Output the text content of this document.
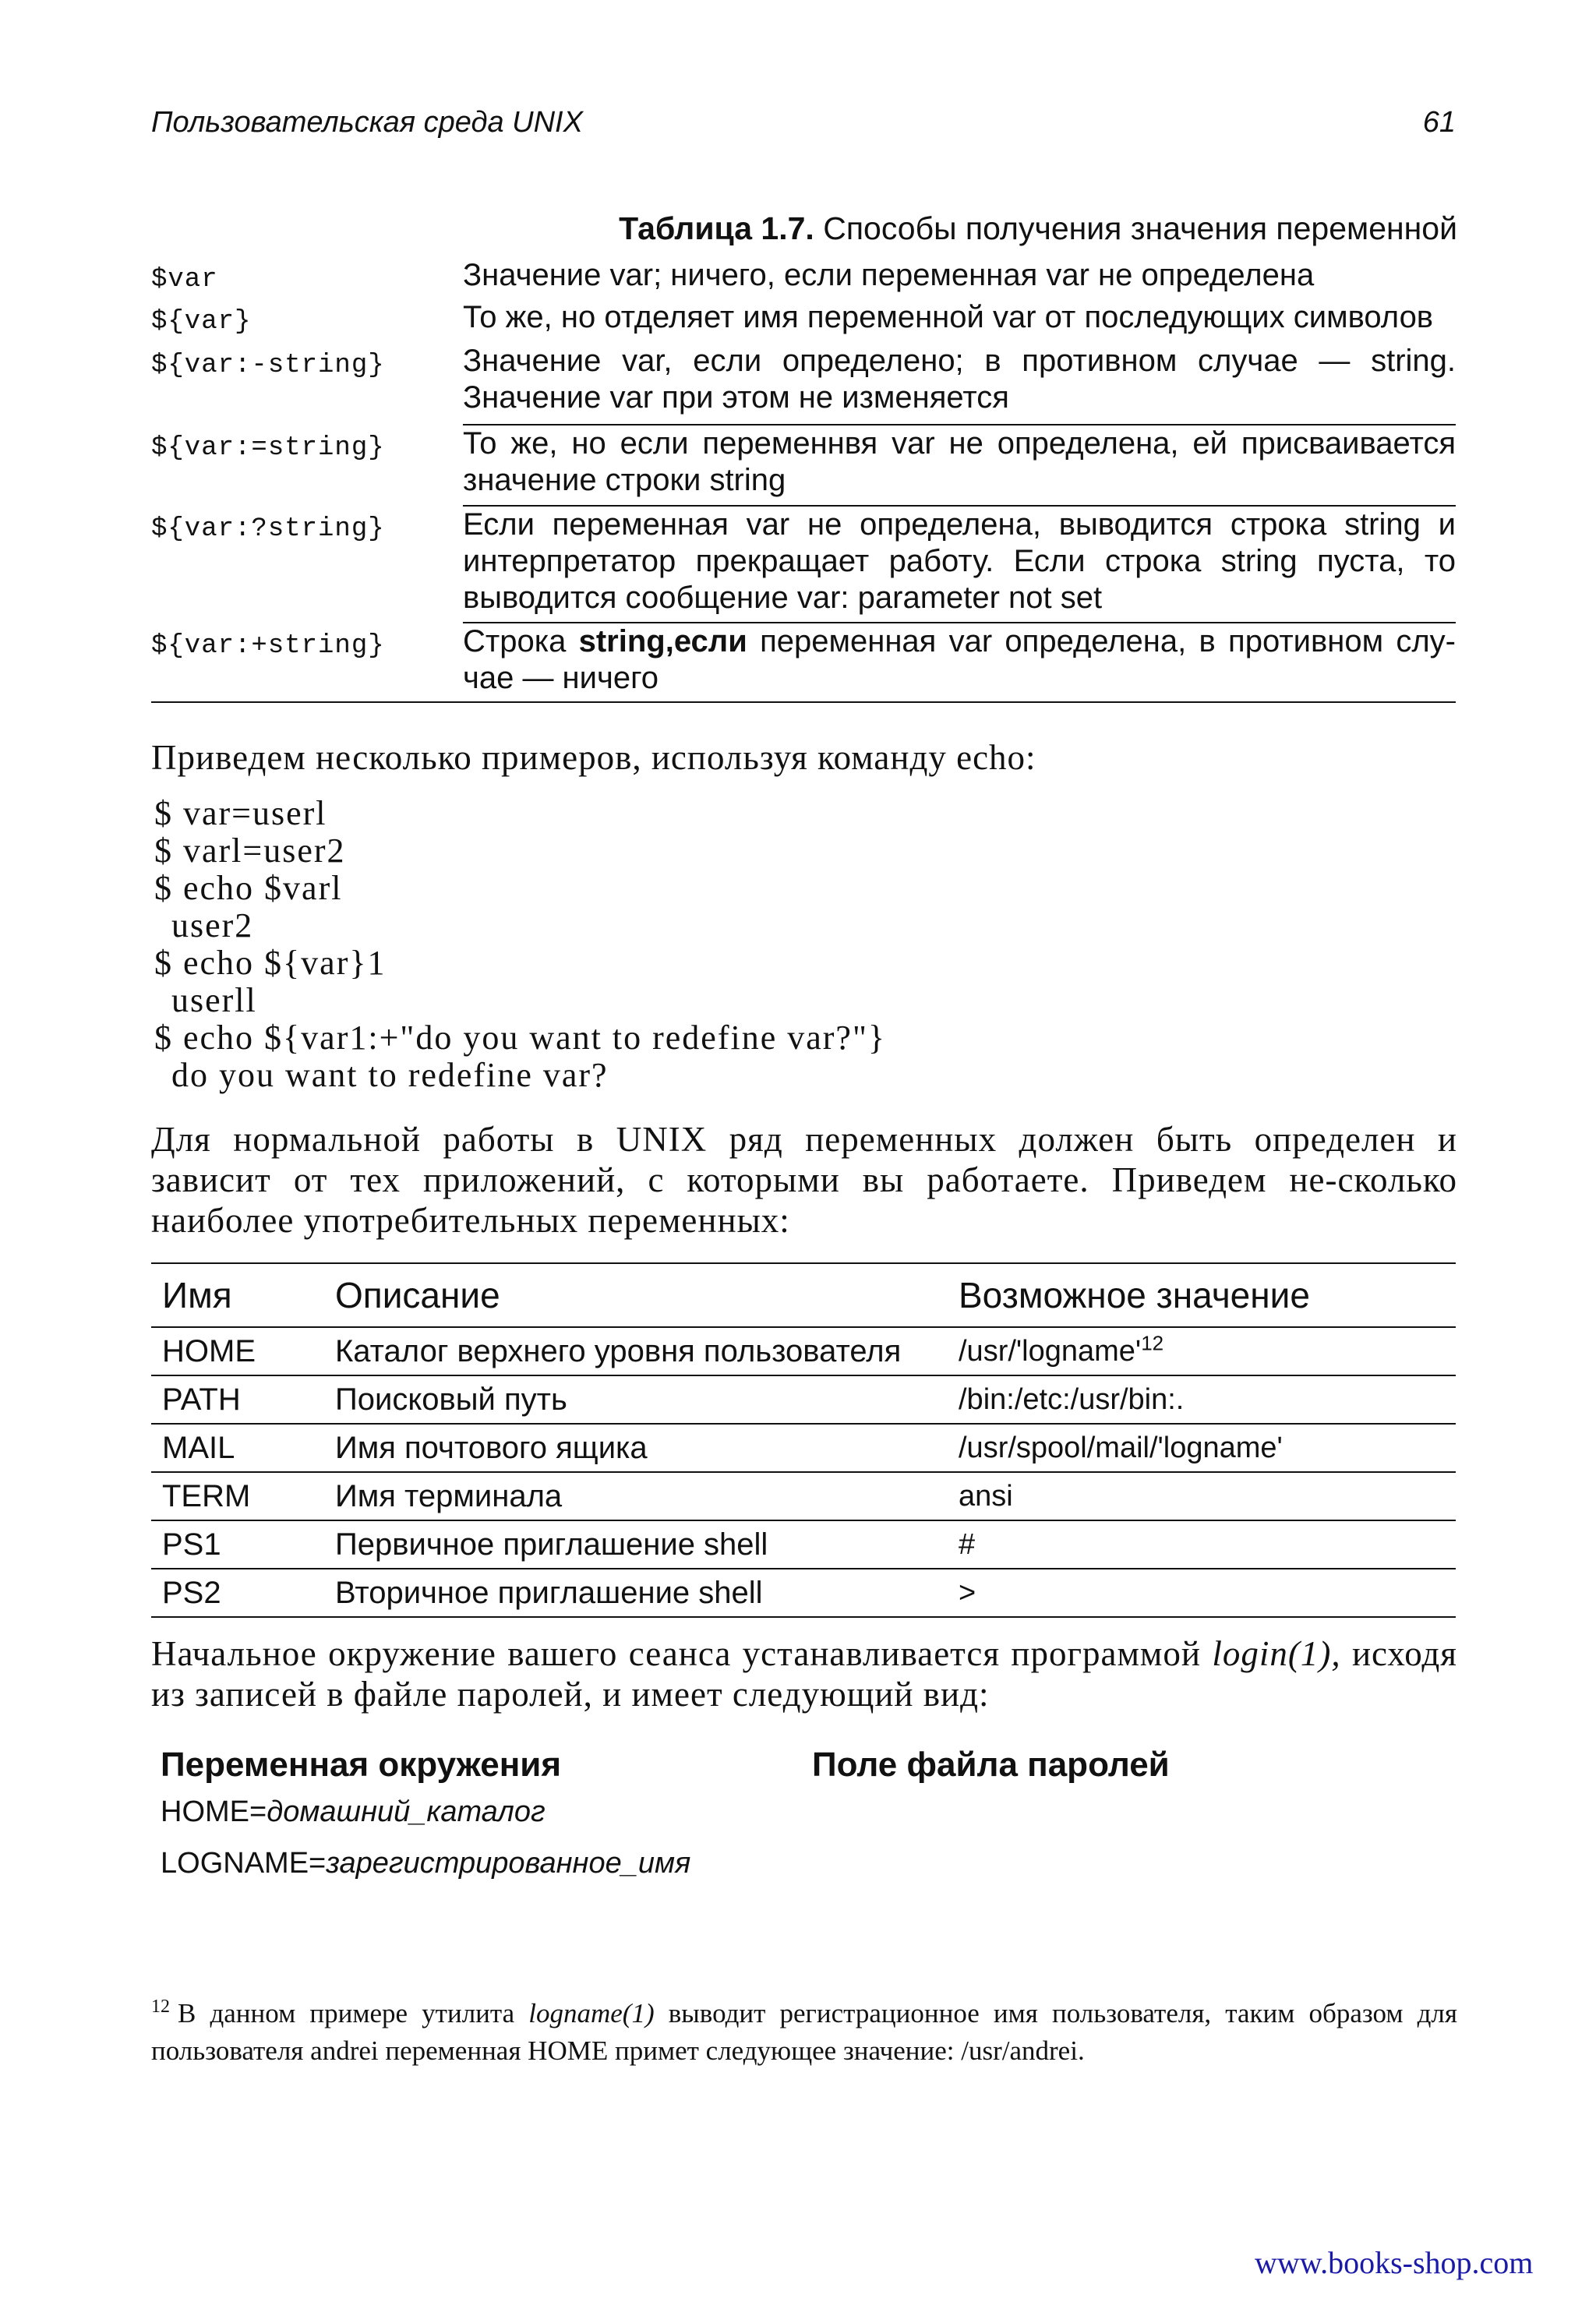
Пользовательская среда UNIX	61
Таблица 1.7. Способы получения значения переменной
$var	Значение var; ничего, если переменная var не определена
${var}	То же, но отделяет имя переменной var от последующих символов
${var:-string}	Значение var, если определено; в противном случае — string. Значение var при этом не изменяется
${var:=string}	То же, но если переменнвя var не определена, ей присваивается значение строки string
${var:?string}	Если переменная var не определена, выводится строка string и интерпретатор прекращает работу. Если строка string пуста, то выводится сообщение var: parameter not set
${var:+string}	Строка string,если переменная var определена, в противном слу-чае — ничего
Приведем несколько примеров, используя команду echo:
$ var=userl
$ varl=user2
$ echo $varl
user2
$ echo ${var}1
userll
$ echo ${var1:+"do you want to redefine var?"}
do you want to redefine var?
Для нормальной работы в UNIX ряд переменных должен быть определен и зависит от тех приложений, с которыми вы работаете. Приведем не-сколько наиболее употребительных переменных:
Имя	Описание	Возможное значение
HOME	Каталог верхнего уровня пользователя	$/usr/'logname'^{12}$
PATH	Поисковый путь	/bin:/etc:/usr/bin:.
MAIL	Имя почтового ящика	/usr/spool/mail/'logname'
TERM	Имя терминала	ansi
PS1	Первичное приглашение shell	#
PS2	Вторичное приглашение shell	>
Начальное окружение вашего сеанса устанавливается программой login(1), исходя из записей в файле паролей, и имеет следующий вид:
Переменная окружения	Поле файла паролей
HOME=домашний_каталог
LOGNAME=зарегистрированное_имя
$^{12}$ В данном примере утилита logname(1) выводит регистрационное имя пользователя, таким образом для пользователя andrei переменная HOME примет следующее значение: /usr/andrei.
www.books-shop.com
